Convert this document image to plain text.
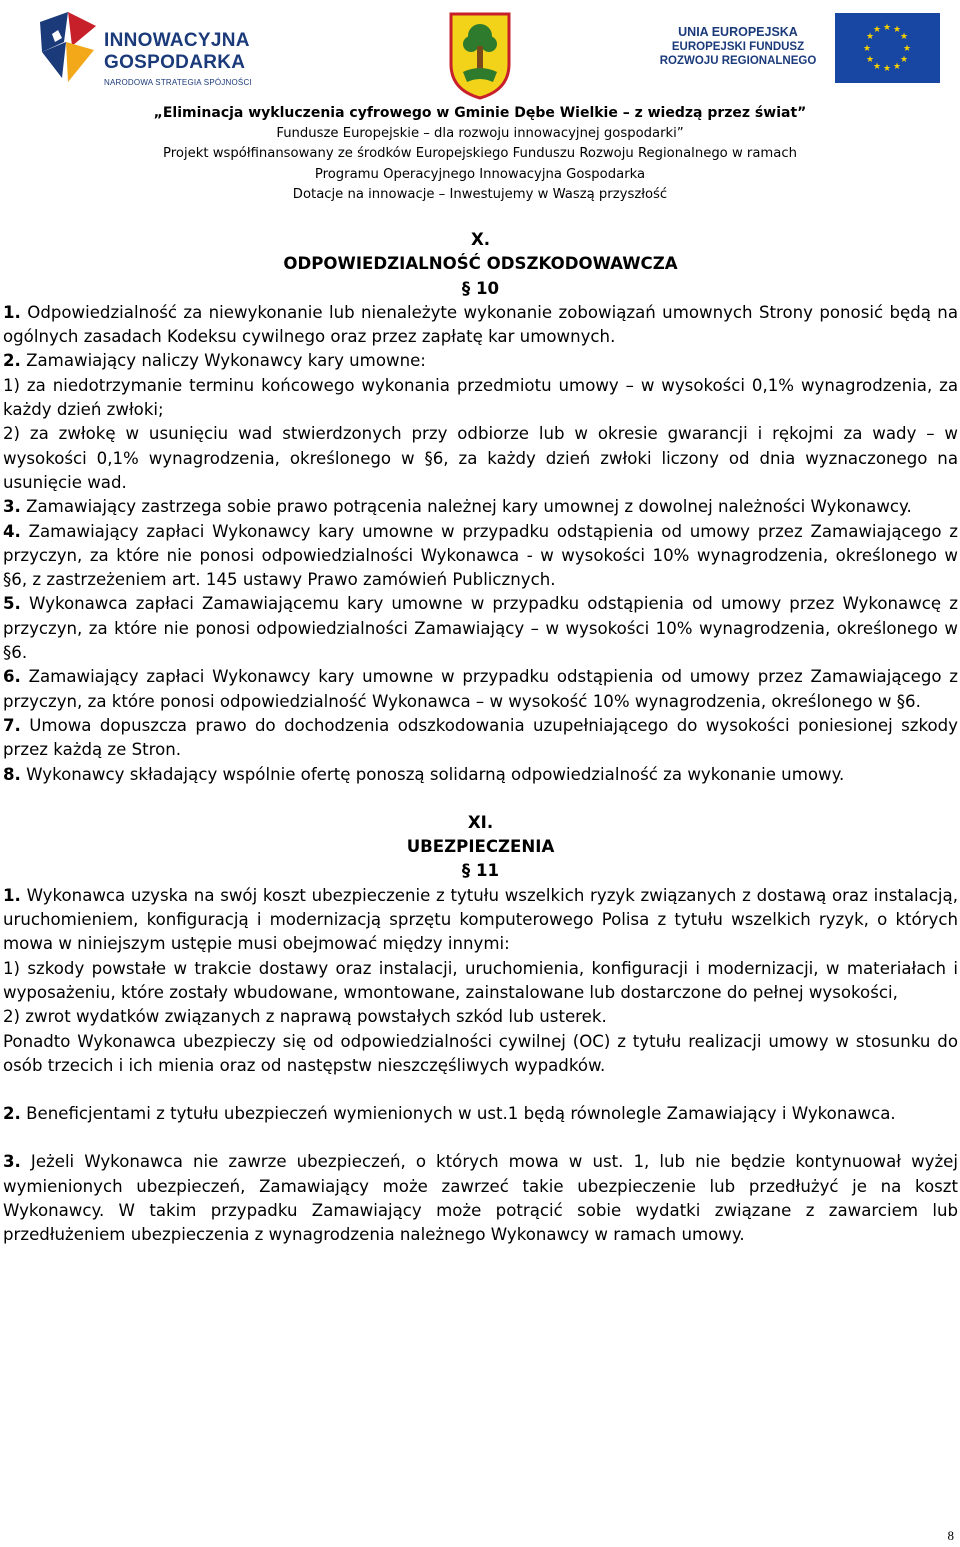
INNOWACYJNA
GOSPODARKA
NARODOWA STRATEGIA SPÓJNOŚCI
UNIA EUROPEJSKA
EUROPEJSKI FUNDUSZ
ROZWOJU REGIONALNEGO
★ ★
★
★
★
★
★
★
★
★
★
★
„Eliminacja wykluczenia cyfrowego w Gminie Dębe Wielkie – z wiedzą przez świat”
Fundusze Europejskie – dla rozwoju innowacyjnej gospodarki”
Projekt współfinansowany ze środków Europejskiego Funduszu Rozwoju Regionalnego w ramach
Programu Operacyjnego Innowacyjna Gospodarka
Dotacje na innowacje – Inwestujemy w Waszą przyszłość

X.

ODPOWIEDZIALNOŚĆ ODSZKODOWAWCZA

§ 10

1. Odpowiedzialność za niewykonanie lub nienależyte wykonanie zobowiązań umownych Strony ponosić będą na ogólnych zasadach Kodeksu cywilnego oraz przez zapłatę kar umownych.

2. Zamawiający naliczy Wykonawcy kary umowne:

1) za niedotrzymanie terminu końcowego wykonania przedmiotu umowy – w wysokości 0,1% wynagrodzenia, za każdy dzień zwłoki;

2) za zwłokę w usunięciu wad stwierdzonych przy odbiorze lub w okresie gwarancji i rękojmi za wady – w wysokości 0,1% wynagrodzenia, określonego w §6, za każdy dzień zwłoki liczony od dnia wyznaczonego na usunięcie wad.

3. Zamawiający zastrzega sobie prawo potrącenia należnej kary umownej z dowolnej należności Wykonawcy.

4. Zamawiający zapłaci Wykonawcy kary umowne w przypadku odstąpienia od umowy przez Zamawiającego z przyczyn, za które nie ponosi odpowiedzialności Wykonawca - w wysokości 10% wynagrodzenia, określonego w §6, z zastrzeżeniem art. 145 ustawy Prawo zamówień Publicznych.

5. Wykonawca zapłaci Zamawiającemu kary umowne w przypadku odstąpienia od umowy przez Wykonawcę z przyczyn, za które nie ponosi odpowiedzialności Zamawiający – w wysokości 10% wynagrodzenia, określonego w §6.

6. Zamawiający zapłaci Wykonawcy kary umowne w przypadku odstąpienia od umowy przez Zamawiającego z przyczyn, za które ponosi odpowiedzialność Wykonawca – w wysokość 10% wynagrodzenia, określonego w §6.

7. Umowa dopuszcza prawo do dochodzenia odszkodowania uzupełniającego do wysokości poniesionej szkody przez każdą ze Stron.

8. Wykonawcy składający wspólnie ofertę ponoszą solidarną odpowiedzialność za wykonanie umowy.

XI.

UBEZPIECZENIA

§ 11

1. Wykonawca uzyska na swój koszt ubezpieczenie z tytułu wszelkich ryzyk związanych z dostawą oraz instalacją, uruchomieniem, konfiguracją i modernizacją sprzętu komputerowego Polisa z tytułu wszelkich ryzyk, o których mowa w niniejszym ustępie musi obejmować między innymi:

1) szkody powstałe w trakcie dostawy oraz instalacji, uruchomienia, konfiguracji i modernizacji, w materiałach i wyposażeniu, które zostały wbudowane, wmontowane, zainstalowane lub dostarczone do pełnej wysokości,

2) zwrot wydatków związanych z naprawą powstałych szkód lub usterek.

Ponadto Wykonawca ubezpieczy się od odpowiedzialności cywilnej (OC) z tytułu realizacji umowy w stosunku do osób trzecich i ich mienia oraz od następstw nieszczęśliwych wypadków.

2. Beneficjentami z tytułu ubezpieczeń wymienionych w ust.1 będą równolegle Zamawiający i Wykonawca.

3. Jeżeli Wykonawca nie zawrze ubezpieczeń, o których mowa w ust. 1, lub nie będzie kontynuował wyżej wymienionych ubezpieczeń, Zamawiający może zawrzeć takie ubezpieczenie lub przedłużyć je na koszt Wykonawcy. W takim przypadku Zamawiający może potrącić sobie wydatki związane z zawarciem lub przedłużeniem ubezpieczenia z wynagrodzenia należnego Wykonawcy w ramach umowy.

8
